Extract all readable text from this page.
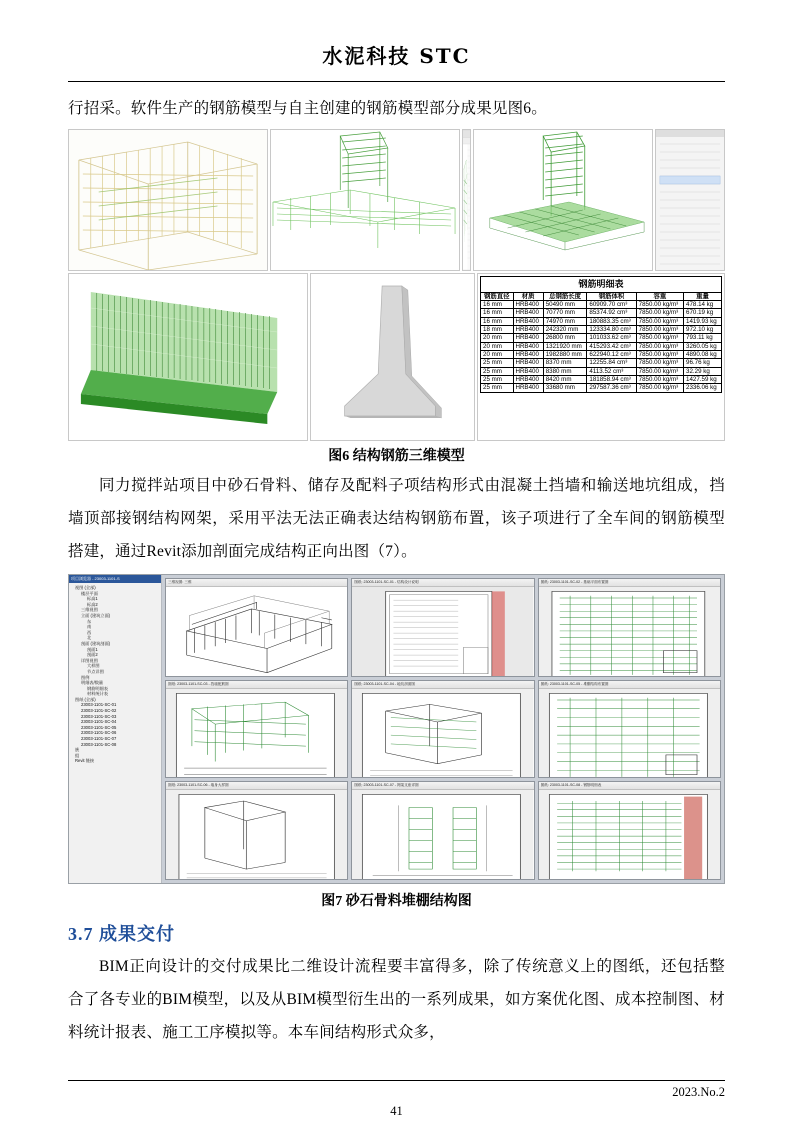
水泥科技 STC

行招采。软件生产的钢筋模型与自主创建的钢筋模型部分成果见图6。

钢筋明细表
钢筋直径	材质	总钢筋长度	钢筋体积	容重	重量
16 mm	HRB400	50490 mm	60909.70 cm³	7850.00 kg/m³	478.14 kg
16 mm	HRB400	70770 mm	85374.92 cm³	7850.00 kg/m³	670.19 kg
16 mm	HRB400	74970 mm	180883.35 cm³	7850.00 kg/m³	1419.93 kg
18 mm	HRB400	242320 mm	123334.80 cm³	7850.00 kg/m³	972.10 kg
20 mm	HRB400	26800 mm	101033.62 cm³	7850.00 kg/m³	793.11 kg
20 mm	HRB400	1321920 mm	415293.42 cm³	7850.00 kg/m³	3260.05 kg
20 mm	HRB400	1982880 mm	622940.12 cm³	7850.00 kg/m³	4890.08 kg
25 mm	HRB400	8370 mm	12255.84 cm³	7850.00 kg/m³	96.76 kg
25 mm	HRB400	8380 mm	4113.52 cm³	7850.00 kg/m³	32.29 kg
25 mm	HRB400	8420 mm	181858.94 cm³	7850.00 kg/m³	1427.59 kg
25 mm	HRB400	33680 mm	297587.36 cm³	7850.00 kg/m³	2336.06 kg
图6 结构钢筋三维模型

同力搅拌站项目中砂石骨料、储存及配料子项结构形式由混凝土挡墙和输送地坑组成，挡墙顶部接钢结构网架，采用平法无法正确表达结构钢筋布置，该子项进行了全车间的钢筋模型搭建，通过Revit添加剖面完成结构正向出图（7）。

项目浏览器 - 23003-1101-S
视图 (全部)
楼层平面
标高1
标高2
三维视图
立面 (建筑立面)
东
南
西
北
剖面 (建筑剖面)
剖面1
剖面2
详图视图
大样图
节点详图
图例
明细表/数量
钢筋明细表
材料统计表
图纸 (全部)
23003-1101-SC-01
23003-1101-SC-02
23003-1101-SC-03
23003-1101-SC-04
23003-1101-SC-05
23003-1101-SC-06
23003-1101-SC-07
23003-1101-SC-08
族
组
Revit 链接
三维视图: 三维	图纸: 23003-1101-SC-01 - 结构设计说明	图纸: 23003-1101-SC-02 - 基础平面布置图
图纸: 23003-1101-SC-03 - 挡墙配筋图	图纸: 23003-1101-SC-04 - 地坑剖面图	图纸: 23003-1101-SC-05 - 堆棚结构布置图
图纸: 23003-1101-SC-06 - 墙身大样图	图纸: 23003-1101-SC-07 - 网架支座详图	图纸: 23003-1101-SC-08 - 钢筋明细表
图7 砂石骨料堆棚结构图
3.7 成果交付

BIM正向设计的交付成果比二维设计流程要丰富得多，除了传统意义上的图纸，还包括整合了各专业的BIM模型，以及从BIM模型衍生出的一系列成果，如方案优化图、成本控制图、材料统计报表、施工工序模拟等。本车间结构形式众多，

2023.No.2
41
